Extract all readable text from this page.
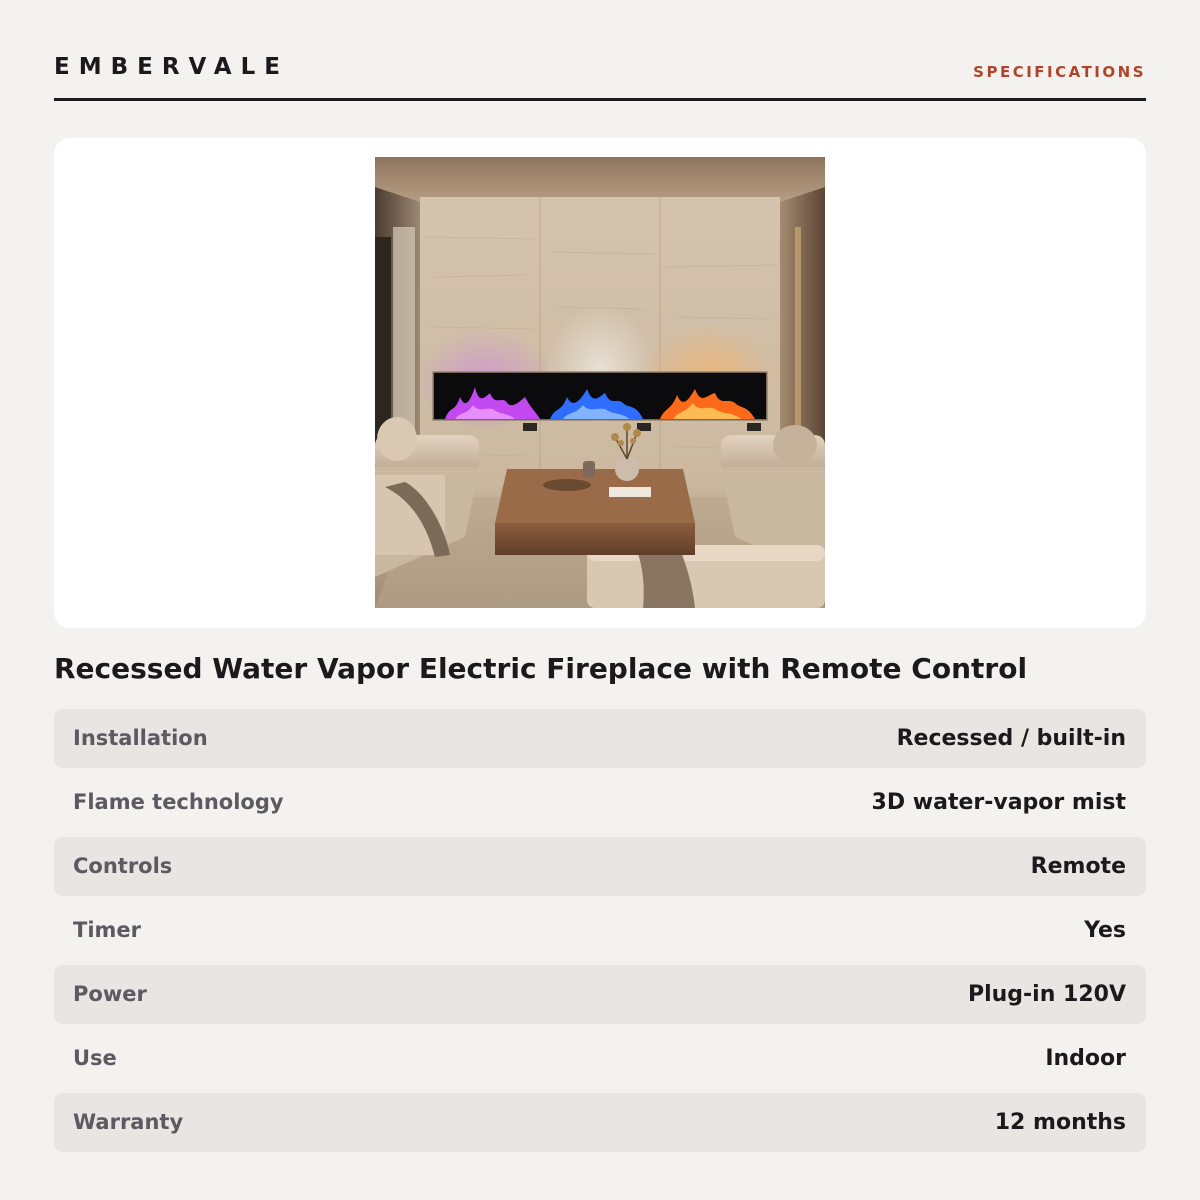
EMBERVALE	SPECIFICATIONS
Recessed Water Vapor Electric Fireplace with Remote Control
Installation	Recessed / built-in
Flame technology	3D water-vapor mist
Controls	Remote
Timer	Yes
Power	Plug-in 120V
Use	Indoor
Warranty	12 months
